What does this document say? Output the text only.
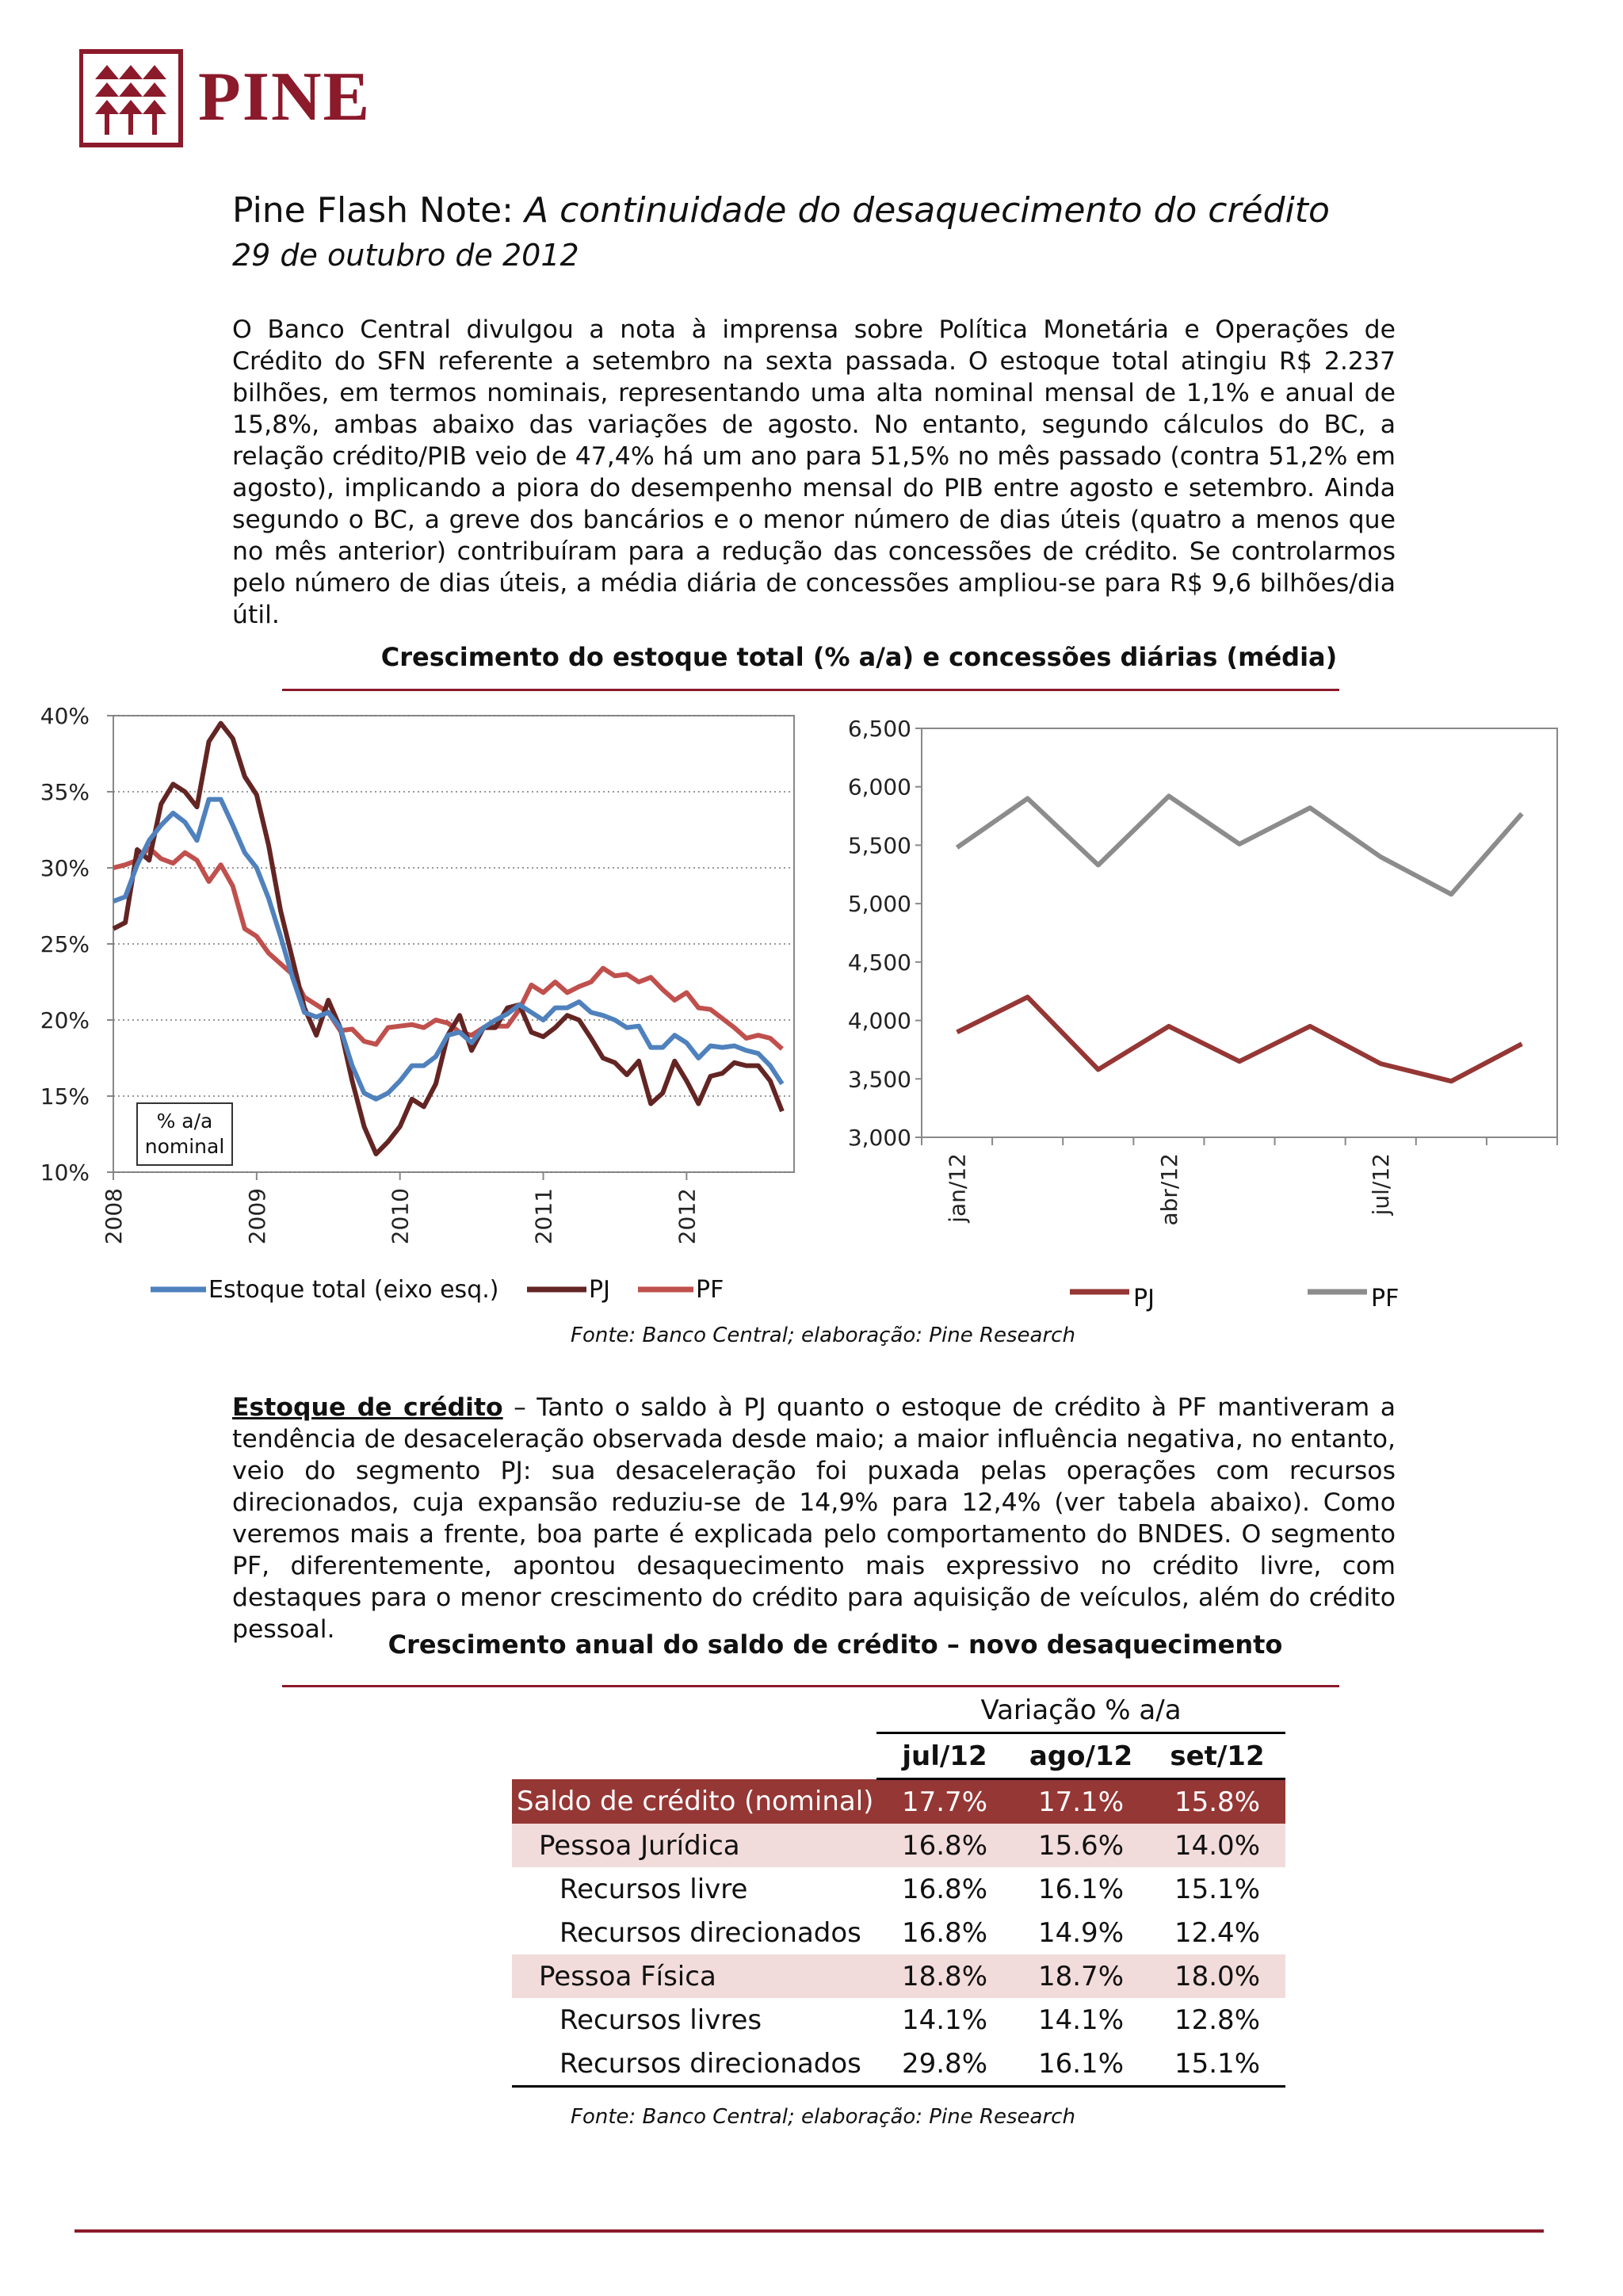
PINE
Pine Flash Note: A continuidade do desaquecimento do crédito
29 de outubro de 2012
O Banco Central divulgou a nota à imprensa sobre Política Monetária e Operações de Crédito do SFN referente a setembro na sexta passada. O estoque total atingiu R$ 2.237 bilhões, em termos nominais, representando uma alta nominal mensal de 1,1% e anual de 15,8%, ambas abaixo das variações de agosto. No entanto, segundo cálculos do BC, a relação crédito/PIB veio de 47,4% há um ano para 51,5% no mês passado (contra 51,2% em agosto), implicando a piora do desempenho mensal do PIB entre agosto e setembro. Ainda segundo o BC, a greve dos bancários e o menor número de dias úteis (quatro a menos que no mês anterior) contribuíram para a redução das concessões de crédito. Se controlarmos pelo número de dias úteis, a média diária de concessões ampliou-se para R$ 9,6 bilhões/dia útil.
Crescimento do estoque total (% a/a) e concessões diárias (média)
10%
15%
20%
25%
30%
35%
40%
2008	2009	2010	2011	2012
% a/a
nominal
Estoque total (eixo esq.)	PJ	PF
3,000
3,500
4,000
4,500
5,000
5,500
6,000
6,500
jan/12	abr/12	jul/12
PJ	PF
Fonte: Banco Central; elaboração: Pine Research
Estoque de crédito – Tanto o saldo à PJ quanto o estoque de crédito à PF mantiveram a tendência de desaceleração observada desde maio; a maior influência negativa, no entanto, veio do segmento PJ: sua desaceleração foi puxada pelas operações com recursos direcionados, cuja expansão reduziu-se de 14,9% para 12,4% (ver tabela abaixo). Como veremos mais a frente, boa parte é explicada pelo comportamento do BNDES. O segmento PF, diferentemente, apontou desaquecimento mais expressivo no crédito livre, com destaques para o menor crescimento do crédito para aquisição de veículos, além do crédito pessoal.	Crescimento anual do saldo de crédito – novo desaquecimento
	Variação % a/a		
	jul/12	ago/12	set/12
Saldo de crédito (nominal)	17.7%	17.1%	15.8%
Pessoa Jurídica	16.8%	15.6%	14.0%
Recursos livre	16.8%	16.1%	15.1%
Recursos direcionados	16.8%	14.9%	12.4%
Pessoa Física	18.8%	18.7%	18.0%
Recursos livres	14.1%	14.1%	12.8%
Recursos direcionados	29.8%	16.1%	15.1%
Fonte: Banco Central; elaboração: Pine Research
